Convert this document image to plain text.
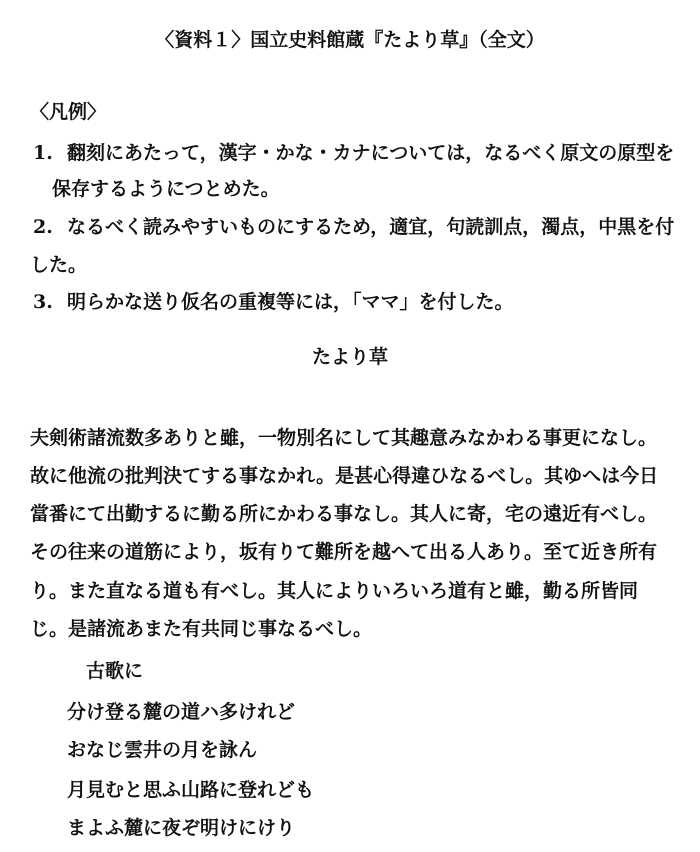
〈資料１〉国立史料館蔵『たより草』（全文）
〈凡例〉
1. 翻刻にあたって，漢字・かな・カナについては，なるべく原文の原型を
保存するようにつとめた。
2. なるべく読みやすいものにするため，適宜，句読訓点，濁点，中黒を付
した。
3. 明らかな送り仮名の重複等には，「ママ」を付した。
たより草
夫剣術諸流数多ありと雖，一物別名にして其趣意みなかわる事更になし。
故に他流の批判決てする事なかれ。是甚心得違ひなるべし。其ゆへは今日
當番にて出勤するに勤る所にかわる事なし。其人に寄，宅の遠近有べし。
その往来の道筋により，坂有りて難所を越へて出る人あり。至て近き所有
り。また直なる道も有べし。其人によりいろいろ道有と雖，勤る所皆同
じ。是諸流あまた有共同じ事なるべし。
古歌に
分け登る麓の道ハ多けれど
おなじ雲井の月を詠ん
月見むと思ふ山路に登れども
まよふ麓に夜ぞ明けにけり
